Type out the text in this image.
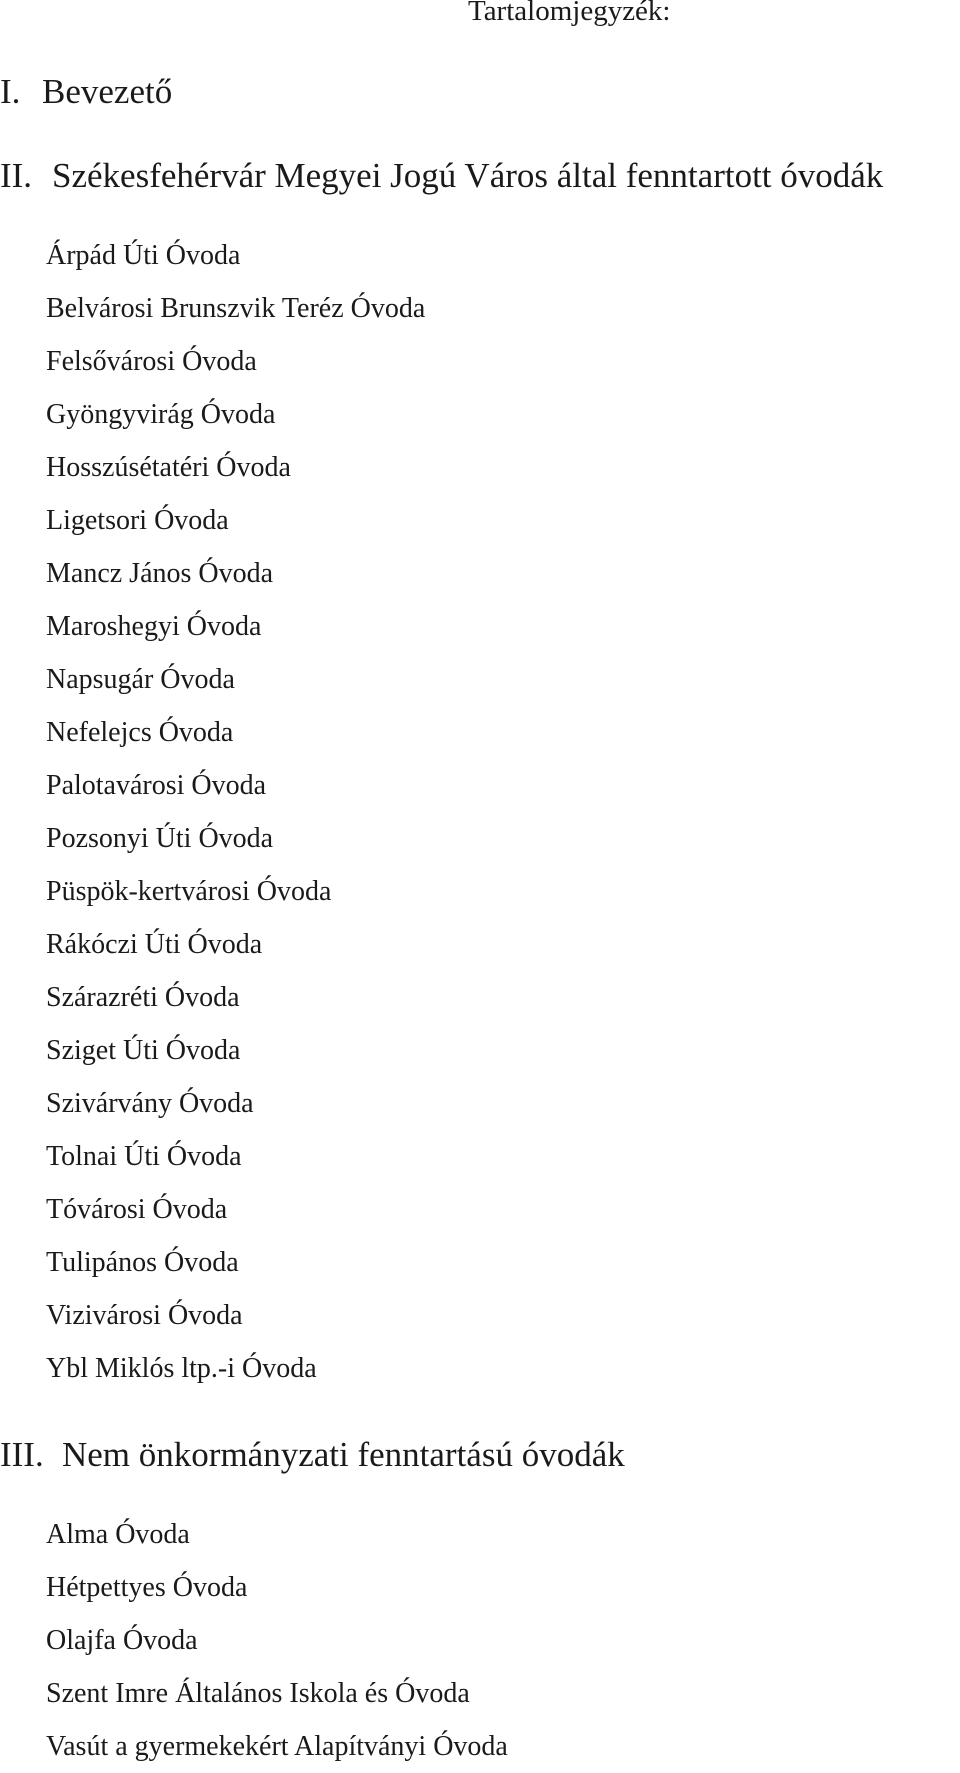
Tartalomjegyzék:
I. Bevezető
II. Székesfehérvár Megyei Jogú Város által fenntartott óvodák
Árpád Úti Óvoda
Belvárosi Brunszvik Teréz Óvoda
Felsővárosi Óvoda
Gyöngyvirág Óvoda
Hosszúsétatéri Óvoda
Ligetsori Óvoda
Mancz János Óvoda
Maroshegyi Óvoda
Napsugár Óvoda
Nefelejcs Óvoda
Palotavárosi Óvoda
Pozsonyi Úti Óvoda
Püspök-kertvárosi Óvoda
Rákóczi Úti Óvoda
Szárazréti Óvoda
Sziget Úti Óvoda
Szivárvány Óvoda
Tolnai Úti Óvoda
Tóvárosi Óvoda
Tulipános Óvoda
Vizivárosi Óvoda
Ybl Miklós ltp.-i Óvoda
III. Nem önkormányzati fenntartású óvodák
Alma Óvoda
Hétpettyes Óvoda
Olajfa Óvoda
Szent Imre Általános Iskola és Óvoda
Vasút a gyermekekért Alapítványi Óvoda
